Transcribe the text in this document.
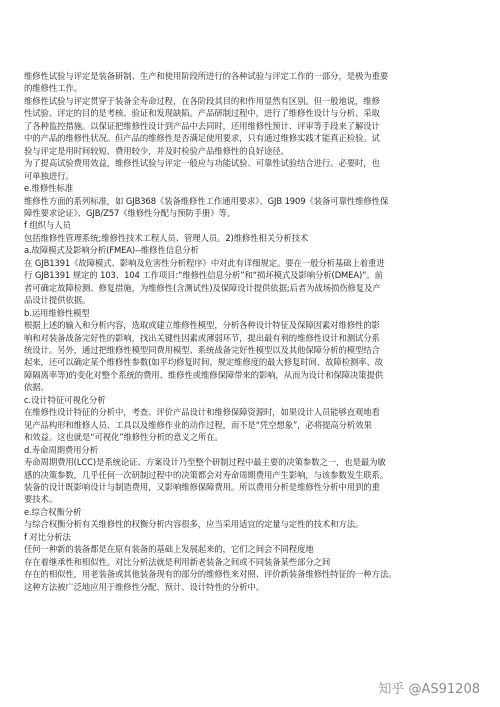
维修性试验与评定是装备研制、生产和使用阶段所进行的各种试验与评定工作的一部分，是极为重要
的维修性工作。
维修性试验与评定贯穿于装备全寿命过程，在各阶段其目的和作用显然有区别。但一般地说，维修
性试验、评定的目的是考核、验证和发现缺陷。产品研制过程中，进行了维修性设计与分析、采取
了各种监控措施。以保证把维修性设计到产品中去同时，还用维修性预计、评审等手段来了解设计
中的产品的维修性状况。但产品的维修性是否满足使用要求，只有通过维修实践才能真正检验。试
验与评定是用时间较短、费用较少，并及时检验产品维修性的良好途径。
为了提高试验费用效益，维修性试验与评定一般应与功能试验、可靠性试验结合进行。必要时，也
可单独进行。
e.维修性标准
维修性方面的系列标准，如 GJB368《装备维修性工作通用要求》、GJB 1909《装备可靠性维修性保
障性要求论证》、GJB/Z57《维修性分配与预防手册》等。
f 组织与人员
包括维修性管理系统;维修性技术工程人员、管理人员。2)维修性相关分析技术
a.故障模式及影响分析(FMEA)--维修性信息分析
在 GJB1391《故障模式、影响及危害性分析程序》中对此有详细规定。要在一般分析基础上着重进
行 GJB1391 规定的 103、104 工作项目:“维修性信息分析”和“损坏模式及影响分析(DMEA)”。前
者可确定故障检测、修复措施，为维修性(含测试性)及保障设计提供依据;后者为战场损伤修复及产
品设计提供依据。
b.运用维修性模型
根据上述的输入和分析内容，选取或建立维修性模型，分析各种设计特征及保障因素对维修性的影
响和对装备战备完好性的影响，找出关键性因素或薄弱环节，提出最有利的维修性设计和测试分系
统设计。另外，通过把维修性模型同费用模型、系统战备完好性模型以及其他保障分析的模型结合
起来，还可以确定某个维修性参数(如平均修复时间、规定维修度的最大修复时间、故障检测率、故
障隔离率等)的变化对整个系统的费用、维修性或维修保障带来的影响，从而为设计和保障决策提供
依据。
c.设计特征可视化分析
在维修性设计特征的分析中，考查、评价产品设计和维修保障资源时，如果设计人员能够直观地看
见产品构形和维修人员、工具以及维修作业的动作过程，而不是“凭空想象”，必将提高分析效果
和效益。这也就是“可视化”维修性分析的意义之所在。
d.寿命周期费用分析
寿命周期费用(LCC)是系统论证、方案设计乃至整个研制过程中最主要的决策参数之一，也是最为敏
感的决策参数，几乎任何一次研制过程中的决策都会对寿命周期费用产生影响，与该参数发生联系。
装备的设计既影响设计与制造费用，又影响维修保障费用。所以费用分析是维修性分析中用到的重
要技术。
e.综合权衡分析
与综合权衡分析有关维修性的权衡分析内容很多，应当采用适宜的定量与定性的技术和方法。
f 对比分析法
任何一种新的装备都是在原有装备的基础上发展起来的，它们之间会不同程度地
存在着继承性和相似性。对比分析法就是利用新老装备之间或不同装备某些部分之间
存在的相似性，用老装备或其他装备现有的部分的维修性来对照、评价新装备维修性特征的一种方法。
这种方法被广泛地应用于维修性分配、预计、设计特性的分析中。
知乎 @AS91208
